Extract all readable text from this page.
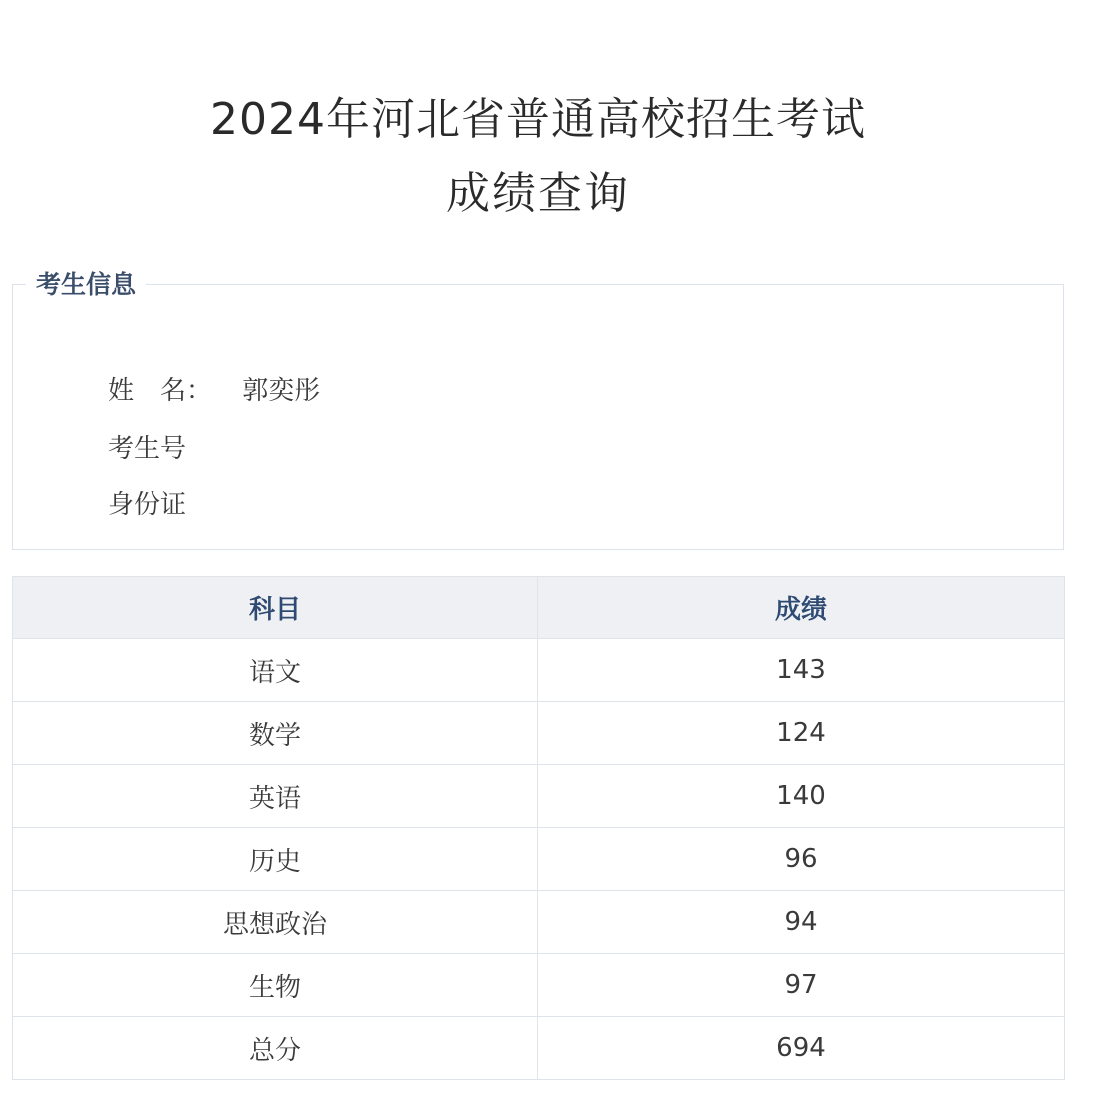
2024年河北省普通高校招生考试
成绩查询
考生信息
姓　名： 郭奕彤
考生号
身份证
科目	成绩
语文	143
数学	124
英语	140
历史	96
思想政治	94
生物	97
总分	694
